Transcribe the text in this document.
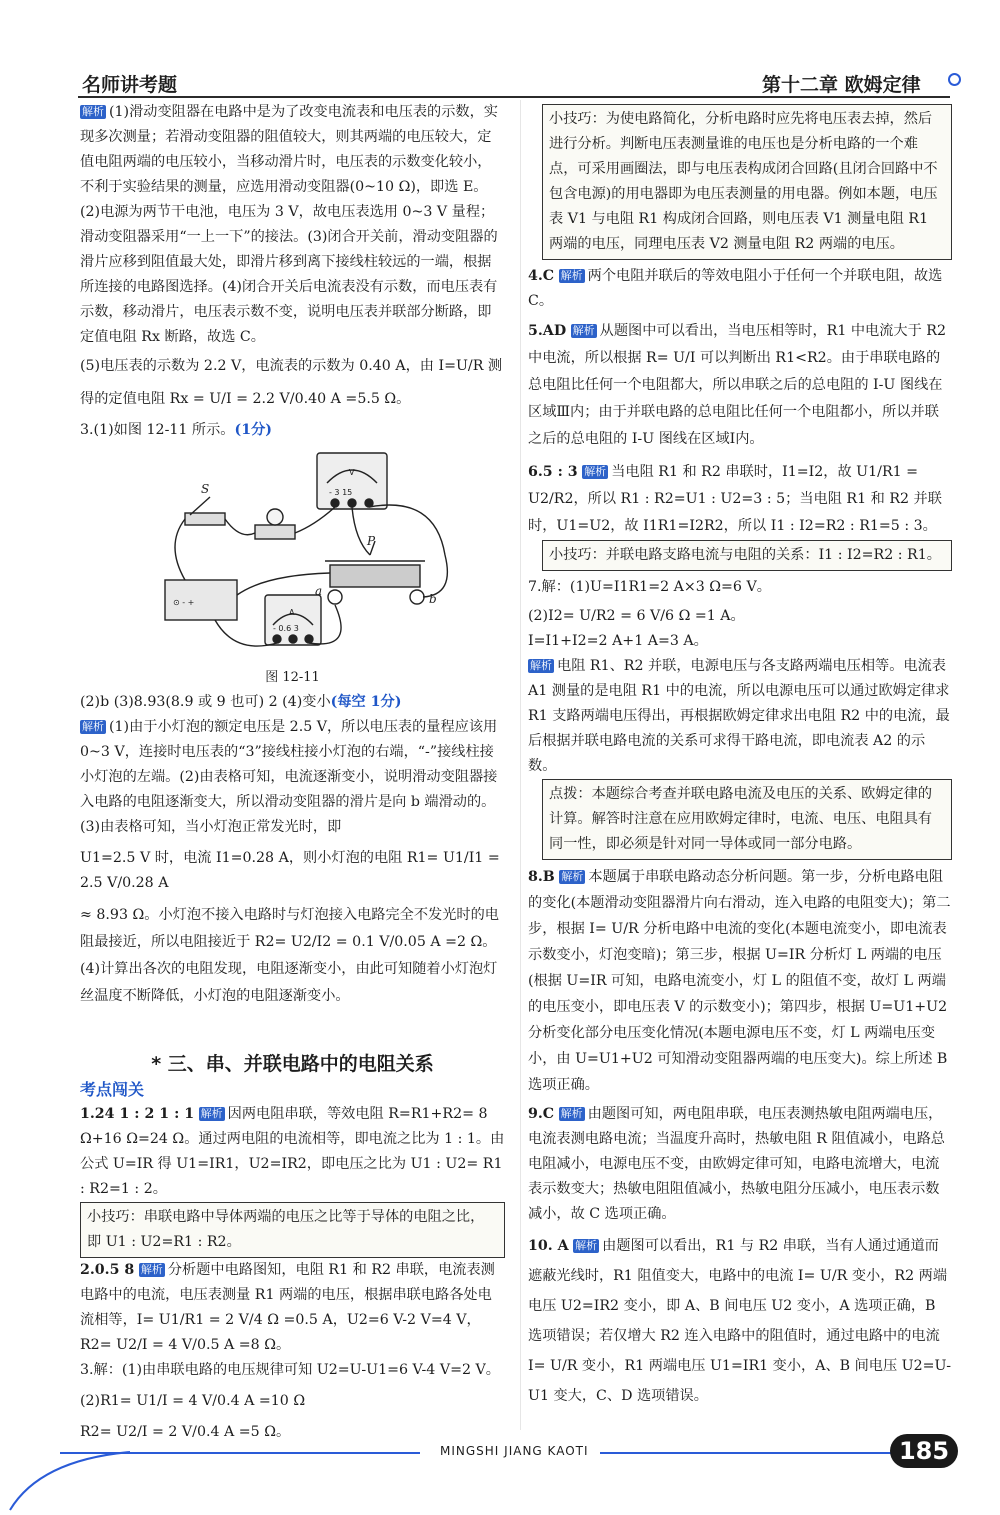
名师讲考题	第十二章 欧姆定律

解析 (1)滑动变阻器在电路中是为了改变电流表和电压表的示数，实现多次测量；若滑动变阻器的阻值较大，则其两端的电压较大，定值电阻两端的电压较小，当移动滑片时，电压表的示数变化较小，不利于实验结果的测量，应选用滑动变阻器(0~10 Ω)，即选 E。(2)电源为两节干电池，电压为 3 V，故电压表选用 0~3 V 量程；滑动变阻器采用“一上一下”的接法。(3)闭合开关前，滑动变阻器的滑片应移到阻值最大处，即滑片移到离下接线柱较远的一端，根据所连接的电路图选择。(4)闭合开关后电流表没有示数，而电压表有示数，移动滑片，电压表示数不变，说明电压表并联部分断路，即定值电阻 Rx 断路，故选 C。

(5)电压表的示数为 2.2 V，电流表的示数为 0.40 A，由 I=U/R 测

得的定值电阻 Rx = U/I = 2.2 V/0.40 A =5.5 Ω。

3.(1)如图 12-11 所示。(1分)

S
P
a
b
V
- 3 15
A
- 0.6 3
⊙ - +

图 12-11

(2)b (3)8.93(8.9 或 9 也可) 2 (4)变小(每空 1分)

解析 (1)由于小灯泡的额定电压是 2.5 V，所以电压表的量程应该用 0~3 V，连接时电压表的“3”接线柱接小灯泡的右端，“-”接线柱接小灯泡的左端。(2)由表格可知，电流逐渐变小，说明滑动变阻器接入电路的电阻逐渐变大，所以滑动变阻器的滑片是向 b 端滑动的。(3)由表格可知，当小灯泡正常发光时，即

U1=2.5 V 时，电流 I1=0.28 A，则小灯泡的电阻 R1= U1/I1 = 2.5 V/0.28 A

≈ 8.93 Ω。小灯泡不接入电路时与灯泡接入电路完全不发光时的电阻最接近，所以电阻接近于 R2= U2/I2 = 0.1 V/0.05 A =2 Ω。(4)计算出各次的电阻发现，电阻逐渐变小，由此可知随着小灯泡灯丝温度不断降低，小灯泡的电阻逐渐变小。

* 三、串、并联电路中的电阻关系

考点闯关

1.24 1 : 2 1 : 1 解析 因两电阻串联，等效电阻 R=R1+R2= 8 Ω+16 Ω=24 Ω。通过两电阻的电流相等，即电流之比为 1 : 1。由公式 U=IR 得 U1=IR1，U2=IR2，即电压之比为 U1 : U2= R1 : R2=1 : 2。

小技巧：串联电路中导体两端的电压之比等于导体的电阻之比，即 U1 : U2=R1 : R2。

2.0.5 8 解析 分析题中电路图知，电阻 R1 和 R2 串联，电流表测电路中的电流，电压表测量 R1 两端的电压，根据串联电路各处电流相等，I= U1/R1 = 2 V/4 Ω =0.5 A，U2=6 V-2 V=4 V，R2= U2/I = 4 V/0.5 A =8 Ω。

3.解：(1)由串联电路的电压规律可知 U2=U-U1=6 V-4 V=2 V。

(2)R1= U1/I = 4 V/0.4 A =10 Ω

R2= U2/I = 2 V/0.4 A =5 Ω。

小技巧：为使电路简化，分析电路时应先将电压表去掉，然后进行分析。判断电压表测量谁的电压也是分析电路的一个难点，可采用画圈法，即与电压表构成闭合回路(且闭合回路中不包含电源)的用电器即为电压表测量的用电器。例如本题，电压表 V1 与电阻 R1 构成闭合回路，则电压表 V1 测量电阻 R1 两端的电压，同理电压表 V2 测量电阻 R2 两端的电压。

4.C 解析 两个电阻并联后的等效电阻小于任何一个并联电阻，故选 C。

5.AD 解析 从题图中可以看出，当电压相等时，R1 中电流大于 R2 中电流，所以根据 R= U/I 可以判断出 R1<R2。由于串联电路的总电阻比任何一个电阻都大，所以串联之后的总电阻的 I-U 图线在区域Ⅲ内；由于并联电路的总电阻比任何一个电阻都小，所以并联之后的总电阻的 I-U 图线在区域Ⅰ内。

6.5 : 3 解析 当电阻 R1 和 R2 串联时，I1=I2，故 U1/R1 = U2/R2，所以 R1 : R2=U1 : U2=3 : 5；当电阻 R1 和 R2 并联时，U1=U2，故 I1R1=I2R2，所以 I1 : I2=R2 : R1=5 : 3。

小技巧：并联电路支路电流与电阻的关系：I1 : I2=R2 : R1。

7.解：(1)U=I1R1=2 A×3 Ω=6 V。

(2)I2= U/R2 = 6 V/6 Ω =1 A。

I=I1+I2=2 A+1 A=3 A。

解析 电阻 R1、R2 并联，电源电压与各支路两端电压相等。电流表 A1 测量的是电阻 R1 中的电流，所以电源电压可以通过欧姆定律求 R1 支路两端电压得出，再根据欧姆定律求出电阻 R2 中的电流，最后根据并联电路电流的关系可求得干路电流，即电流表 A2 的示数。

点拨：本题综合考查并联电路电流及电压的关系、欧姆定律的计算。解答时注意在应用欧姆定律时，电流、电压、电阻具有同一性，即必须是针对同一导体或同一部分电路。

8.B 解析 本题属于串联电路动态分析问题。第一步，分析电路电阻的变化(本题滑动变阻器滑片向右滑动，连入电路的电阻变大)；第二步，根据 I= U/R 分析电路中电流的变化(本题电流变小，即电流表示数变小，灯泡变暗)；第三步，根据 U=IR 分析灯 L 两端的电压(根据 U=IR 可知，电路电流变小，灯 L 的阻值不变，故灯 L 两端的电压变小，即电压表 V 的示数变小)；第四步，根据 U=U1+U2 分析变化部分电压变化情况(本题电源电压不变，灯 L 两端电压变小，由 U=U1+U2 可知滑动变阻器两端的电压变大)。综上所述 B 选项正确。

9.C 解析 由题图可知，两电阻串联，电压表测热敏电阻两端电压，电流表测电路电流；当温度升高时，热敏电阻 R 阻值减小，电路总电阻减小，电源电压不变，由欧姆定律可知，电路电流增大，电流表示数变大；热敏电阻阻值减小，热敏电阻分压减小，电压表示数减小，故 C 选项正确。

10. A 解析 由题图可以看出，R1 与 R2 串联，当有人通过通道而遮蔽光线时，R1 阻值变大，电路中的电流 I= U/R 变小，R2 两端电压 U2=IR2 变小，即 A、B 间电压 U2 变小，A 选项正确，B 选项错误；若仅增大 R2 连入电路中的阻值时，通过电路中的电流 I= U/R 变小，R1 两端电压 U1=IR1 变小，A、B 间电压 U2=U-U1 变大，C、D 选项错误。

MINGSHI JIANG KAOTI	185
